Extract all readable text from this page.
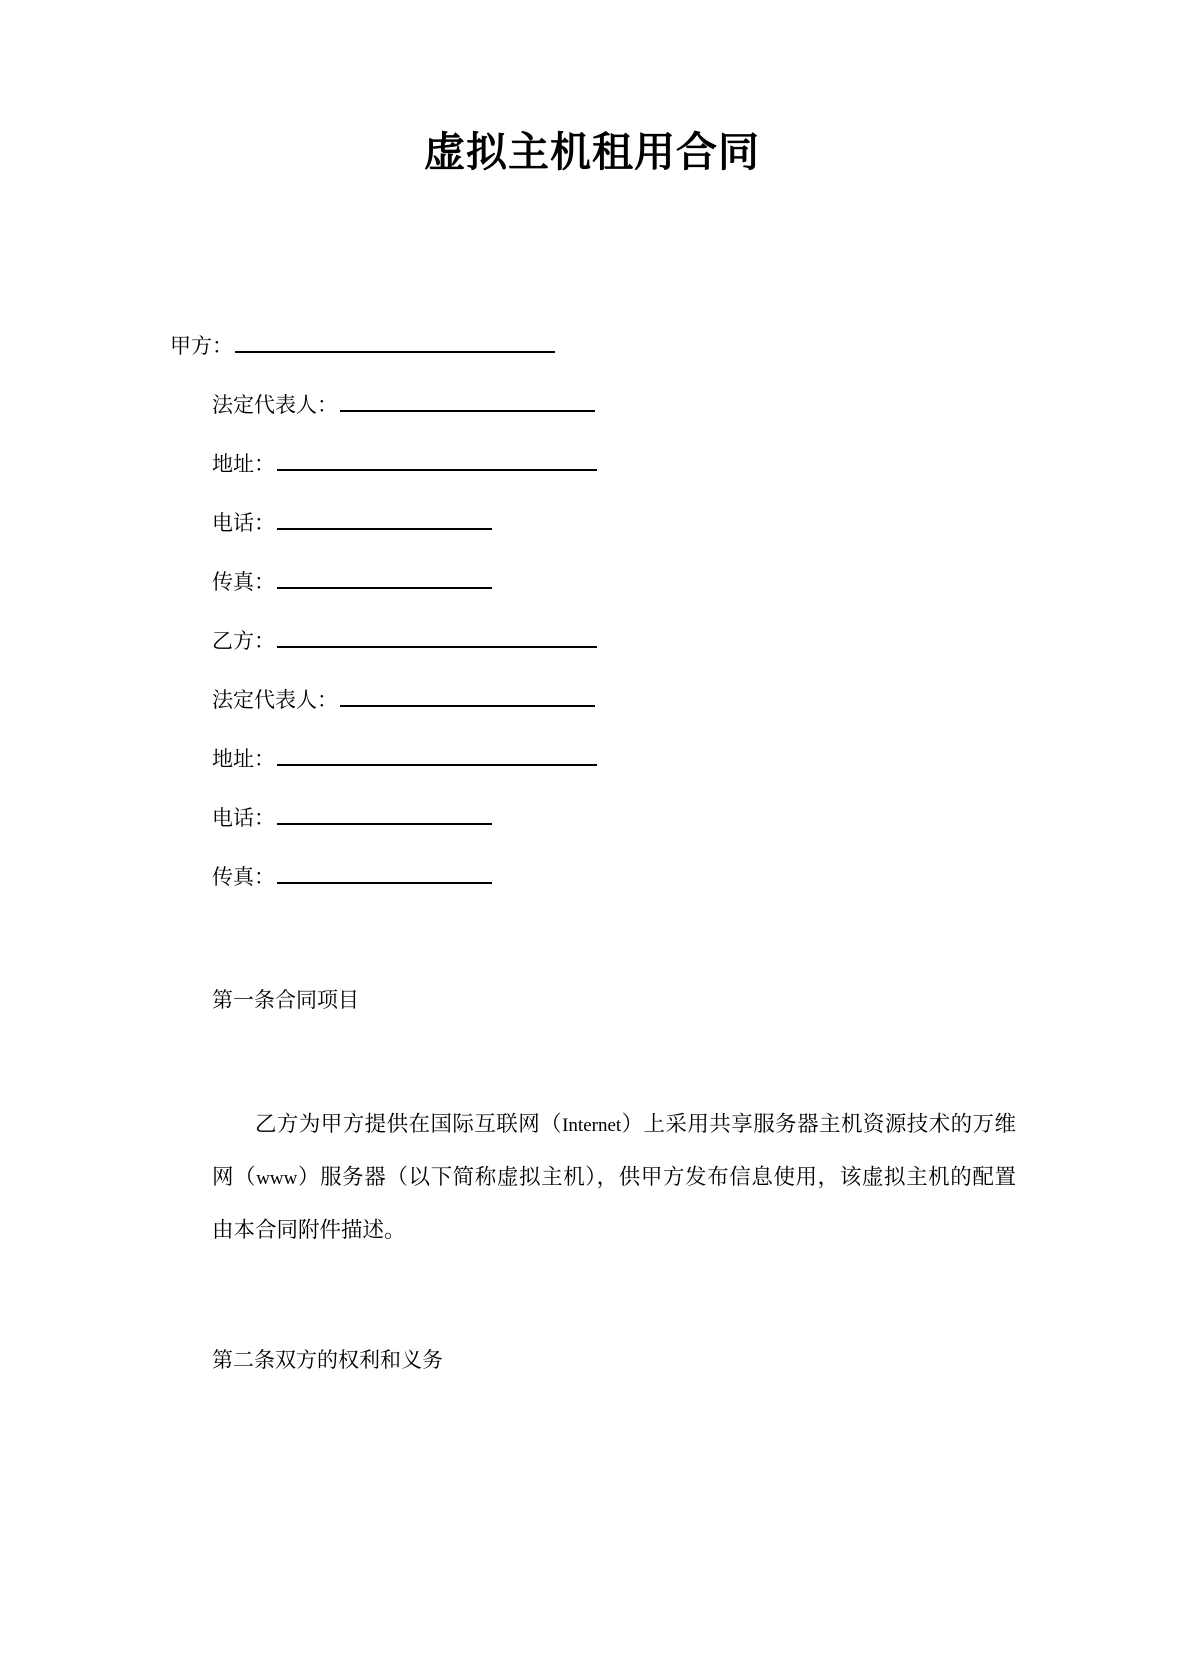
虚拟主机租用合同
甲方：
法定代表人：
地址：
电话：
传真：
乙方：
法定代表人：
地址：
电话：
传真：
第一条合同项目
乙方为甲方提供在国际互联网（Internet）上采用共享服务器主机资源技术的万维网（www）服务器（以下简称虚拟主机），供甲方发布信息使用，该虚拟主机的配置由本合同附件描述。
第二条双方的权利和义务
